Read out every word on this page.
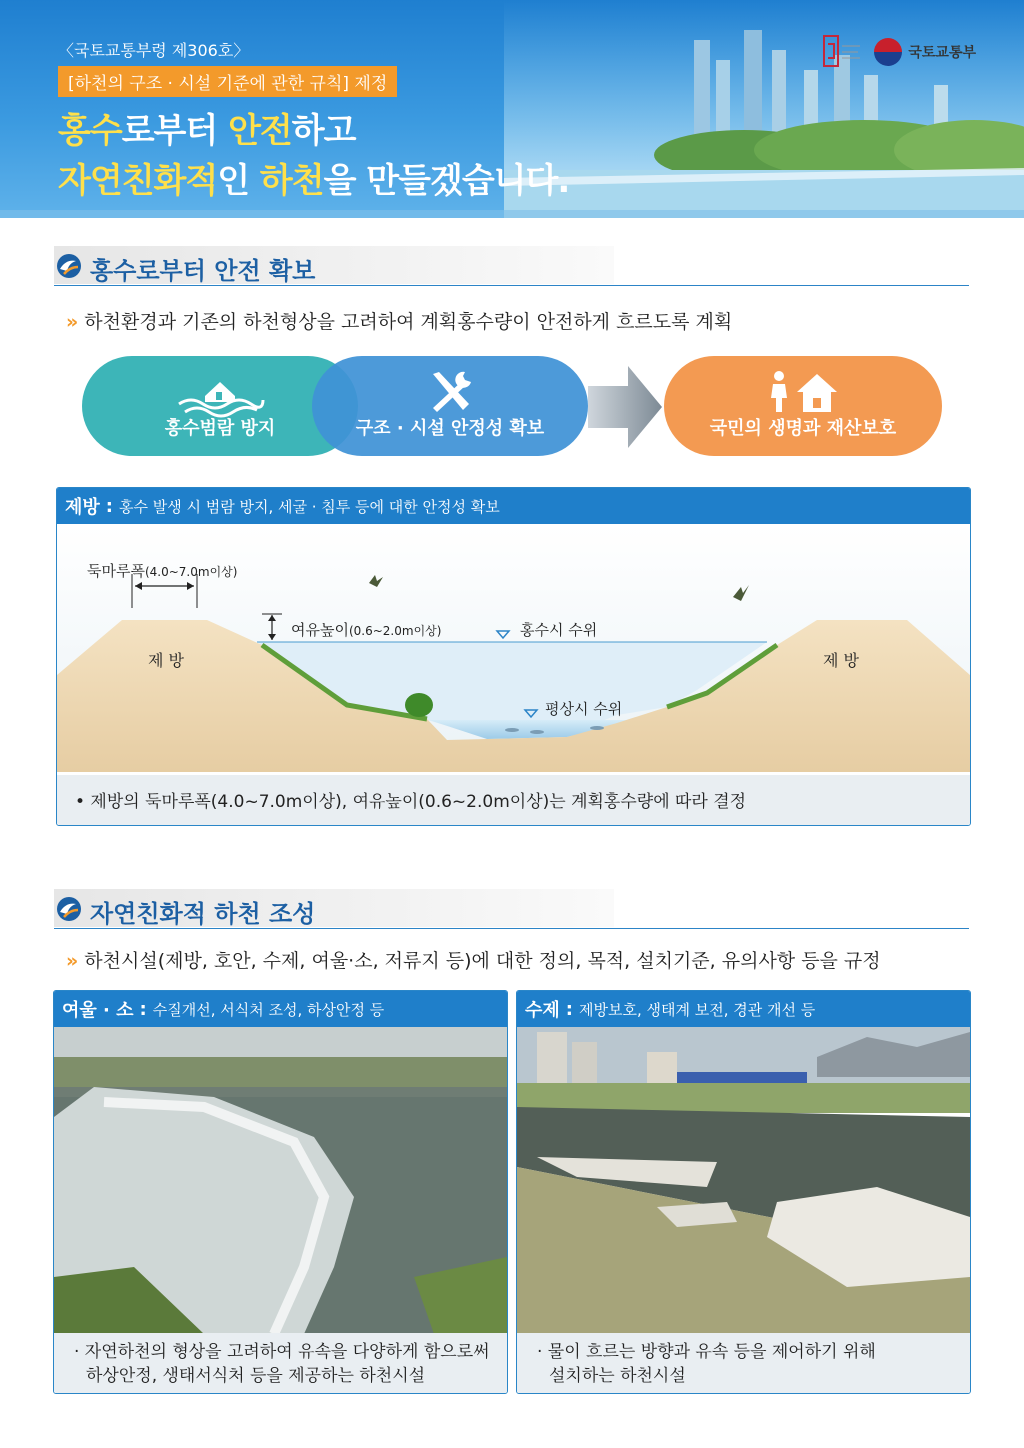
〈국토교통부령 제306호〉
[하천의 구조 · 시설 기준에 관한 규칙] 제정
홍수로부터 안전하고
자연친화적인 하천을 만들겠습니다.
국토교통부
홍수로부터 안전 확보
» 하천환경과 기존의 하천형상을 고려하여 계획홍수량이 안전하게 흐르도록 계획
홍수범람 방지	구조 · 시설 안정성 확보	국민의 생명과 재산보호
제방 : 홍수 발생 시 범람 방지, 세굴 · 침투 등에 대한 안정성 확보
둑마루폭(4.0~7.0m이상)
여유높이(0.6~2.0m이상)	홍수시 수위
평상시 수위
제 방	제 방
• 제방의 둑마루폭(4.0~7.0m이상), 여유높이(0.6~2.0m이상)는 계획홍수량에 따라 결정
자연친화적 하천 조성
» 하천시설(제방, 호안, 수제, 여울·소, 저류지 등)에 대한 정의, 목적, 설치기준, 유의사항 등을 규정
여울 · 소 : 수질개선, 서식처 조성, 하상안정 등
· 자연하천의 형상을 고려하여 유속을 다양하게 함으로써
하상안정, 생태서식처 등을 제공하는 하천시설
수제 : 제방보호, 생태계 보전, 경관 개선 등
· 물이 흐르는 방향과 유속 등을 제어하기 위해
설치하는 하천시설
